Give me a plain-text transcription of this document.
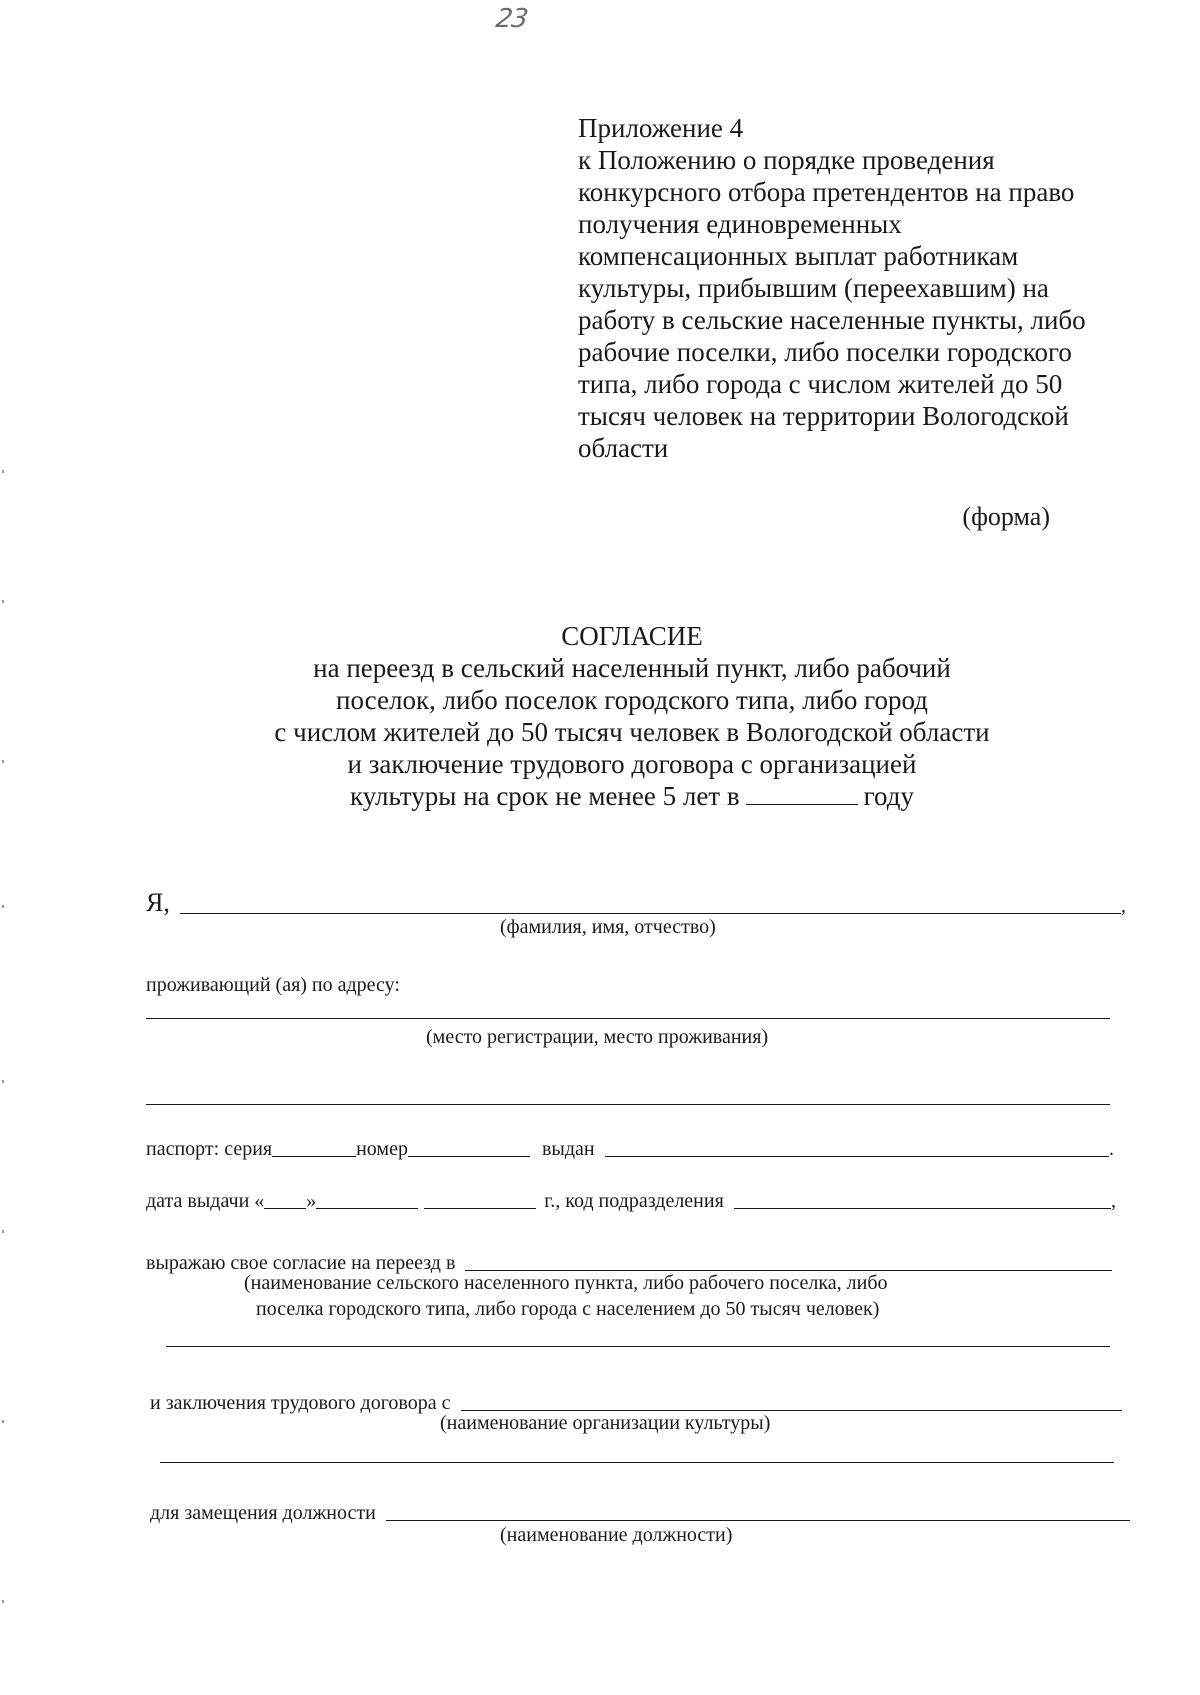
23
Приложение 4
к Положению о порядке проведения
конкурсного отбора претендентов на право
получения единовременных
компенсационных выплат работникам
культуры, прибывшим (переехавшим) на
работу в сельские населенные пункты, либо
рабочие поселки, либо поселки городского
типа, либо города с числом жителей до 50
тысяч человек на территории Вологодской
области
(форма)
СОГЛАСИЕ
на переезд в сельский населенный пункт, либо рабочий
поселок, либо поселок городского типа, либо город
с числом жителей до 50 тысяч человек в Вологодской области
и заключение трудового договора с организацией
культуры на срок не менее 5 лет в	году
Я,	,
(фамилия, имя, отчество)
проживающий (ая) по адресу:
(место регистрации, место проживания)
паспорт: серия	номер	выдан	.
дата выдачи « »	г., код подразделения	,
выражаю свое согласие на переезд в
(наименование сельского населенного пункта, либо рабочего поселка, либо
поселка городского типа, либо города с населением до 50 тысяч человек)
и заключения трудового договора с
(наименование организации культуры)
для замещения должности
(наименование должности)
